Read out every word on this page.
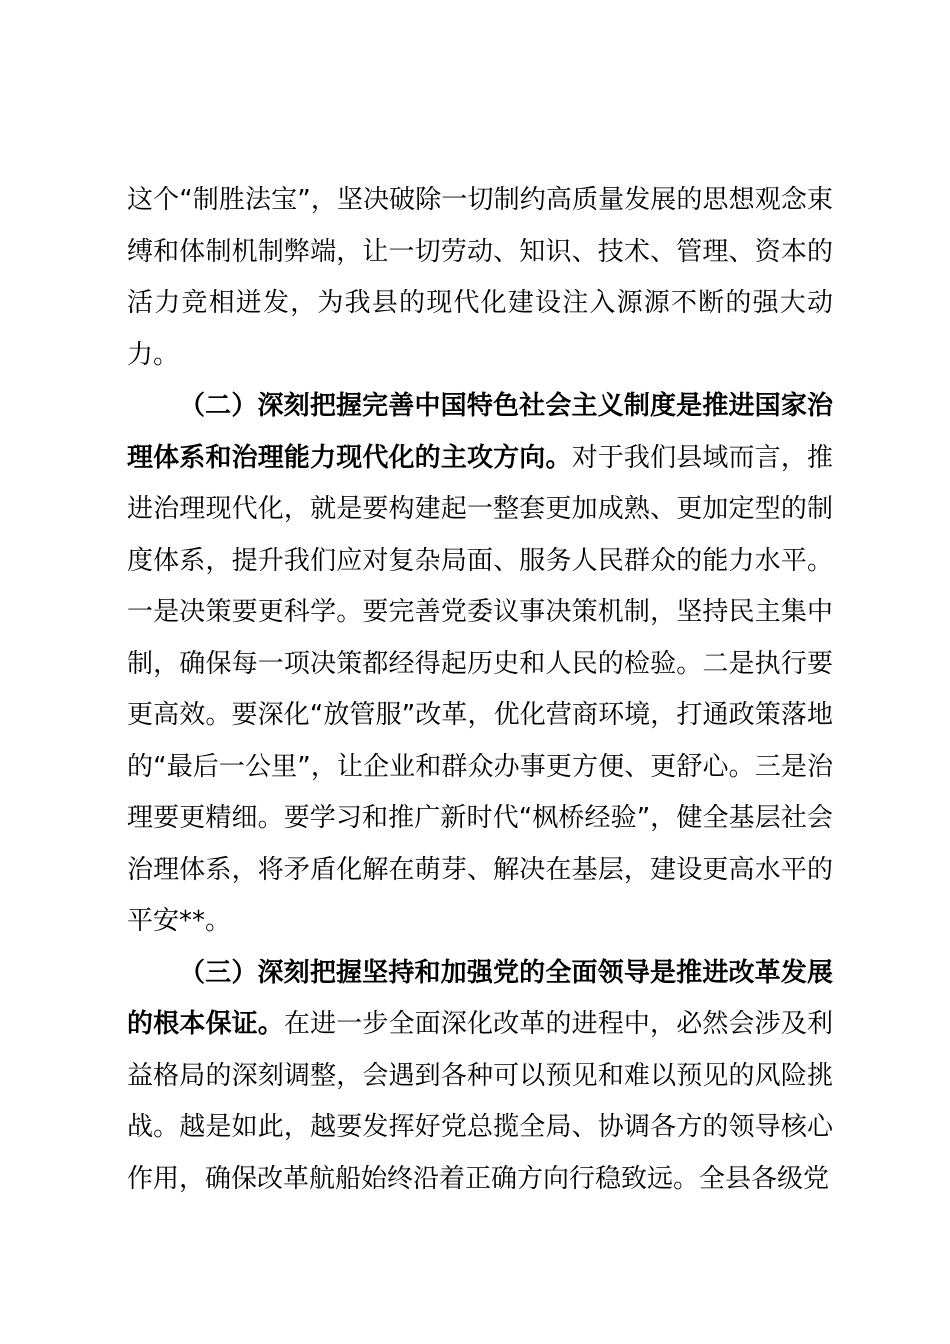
这个“制胜法宝”，坚决破除一切制约高质量发展的思想观念束缚和体制机制弊端，让一切劳动、知识、技术、管理、资本的活力竞相迸发，为我县的现代化建设注入源源不断的强大动力。

（二）深刻把握完善中国特色社会主义制度是推进国家治理体系和治理能力现代化的主攻方向。对于我们县域而言，推进治理现代化，就是要构建起一整套更加成熟、更加定型的制度体系，提升我们应对复杂局面、服务人民群众的能力水平。一是决策要更科学。要完善党委议事决策机制，坚持民主集中制，确保每一项决策都经得起历史和人民的检验。二是执行要更高效。要深化“放管服”改革，优化营商环境，打通政策落地的“最后一公里”，让企业和群众办事更方便、更舒心。三是治理要更精细。要学习和推广新时代“枫桥经验”，健全基层社会治理体系，将矛盾化解在萌芽、解决在基层，建设更高水平的平安**。

（三）深刻把握坚持和加强党的全面领导是推进改革发展的根本保证。在进一步全面深化改革的进程中，必然会涉及利益格局的深刻调整，会遇到各种可以预见和难以预见的风险挑战。越是如此，越要发挥好党总揽全局、协调各方的领导核心作用，确保改革航船始终沿着正确方向行稳致远。全县各级党
